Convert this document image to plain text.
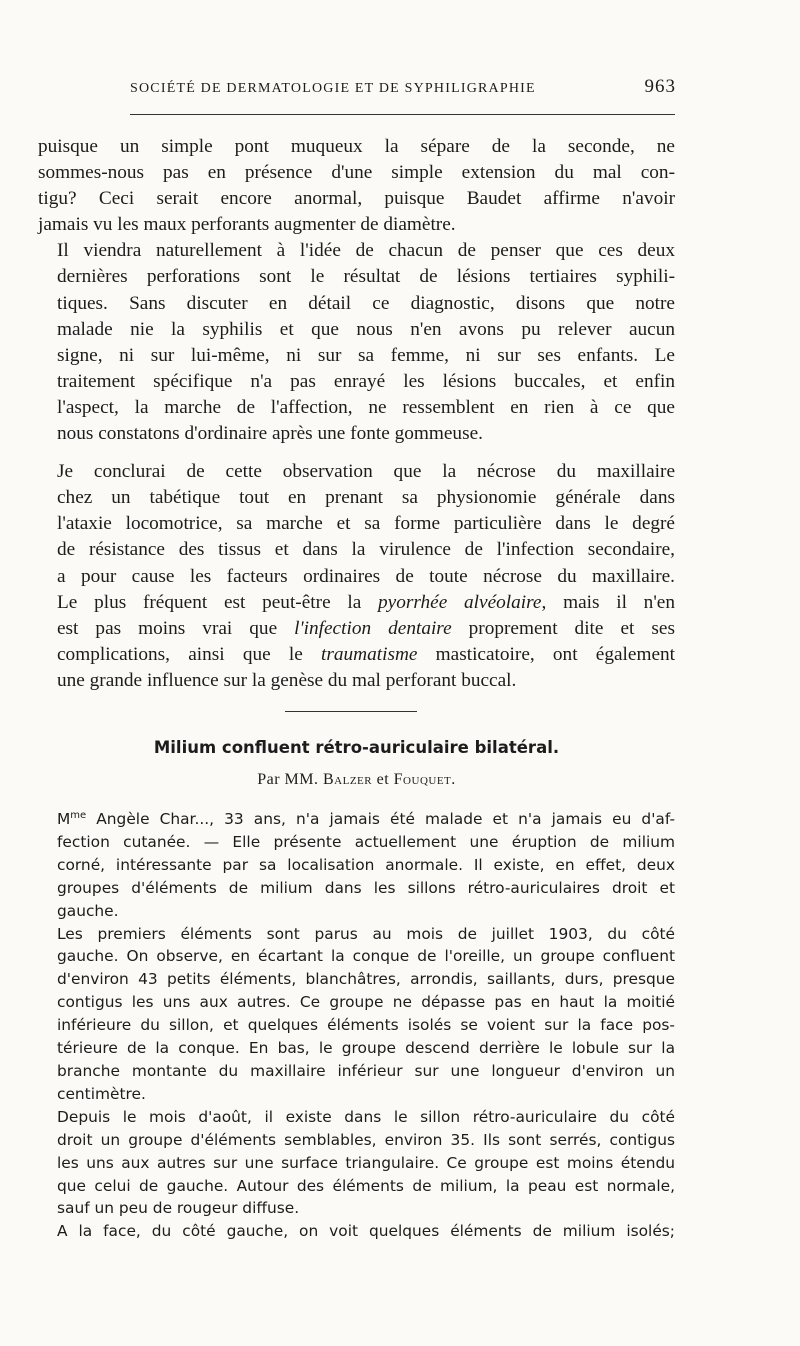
SOCIÉTÉ DE DERMATOLOGIE ET DE SYPHILIGRAPHIE	963

puisque un simple pont muqueux la sépare de la seconde, ne
sommes-nous pas en présence d'une simple extension du mal con-
tigu? Ceci serait encore anormal, puisque Baudet affirme n'avoir
jamais vu les maux perforants augmenter de diamètre.

Il viendra naturellement à l'idée de chacun de penser que ces deux
dernières perforations sont le résultat de lésions tertiaires syphili-
tiques. Sans discuter en détail ce diagnostic, disons que notre
malade nie la syphilis et que nous n'en avons pu relever aucun
signe, ni sur lui-même, ni sur sa femme, ni sur ses enfants. Le
traitement spécifique n'a pas enrayé les lésions buccales, et enfin
l'aspect, la marche de l'affection, ne ressemblent en rien à ce que
nous constatons d'ordinaire après une fonte gommeuse.

Je conclurai de cette observation que la nécrose du maxillaire
chez un tabétique tout en prenant sa physionomie générale dans
l'ataxie locomotrice, sa marche et sa forme particulière dans le degré
de résistance des tissus et dans la virulence de l'infection secondaire,
a pour cause les facteurs ordinaires de toute nécrose du maxillaire.
Le plus fréquent est peut-être la pyorrhée alvéolaire, mais il n'en
est pas moins vrai que l'infection dentaire proprement dite et ses
complications, ainsi que le traumatisme masticatoire, ont également
une grande influence sur la genèse du mal perforant buccal.

Milium confluent rétro-auriculaire bilatéral.
Par MM. Balzer et Fouquet.

$M^{me}$ Angèle Char..., 33 ans, n'a jamais été malade et n'a jamais eu d'af-
fection cutanée. — Elle présente actuellement une éruption de milium
corné, intéressante par sa localisation anormale. Il existe, en effet, deux
groupes d'éléments de milium dans les sillons rétro-auriculaires droit et
gauche.

Les premiers éléments sont parus au mois de juillet 1903, du côté
gauche. On observe, en écartant la conque de l'oreille, un groupe confluent
d'environ 43 petits éléments, blanchâtres, arrondis, saillants, durs, presque
contigus les uns aux autres. Ce groupe ne dépasse pas en haut la moitié
inférieure du sillon, et quelques éléments isolés se voient sur la face pos-
térieure de la conque. En bas, le groupe descend derrière le lobule sur la
branche montante du maxillaire inférieur sur une longueur d'environ un
centimètre.

Depuis le mois d'août, il existe dans le sillon rétro-auriculaire du côté
droit un groupe d'éléments semblables, environ 35. Ils sont serrés, contigus
les uns aux autres sur une surface triangulaire. Ce groupe est moins étendu
que celui de gauche. Autour des éléments de milium, la peau est normale,
sauf un peu de rougeur diffuse.

A la face, du côté gauche, on voit quelques éléments de milium isolés;
